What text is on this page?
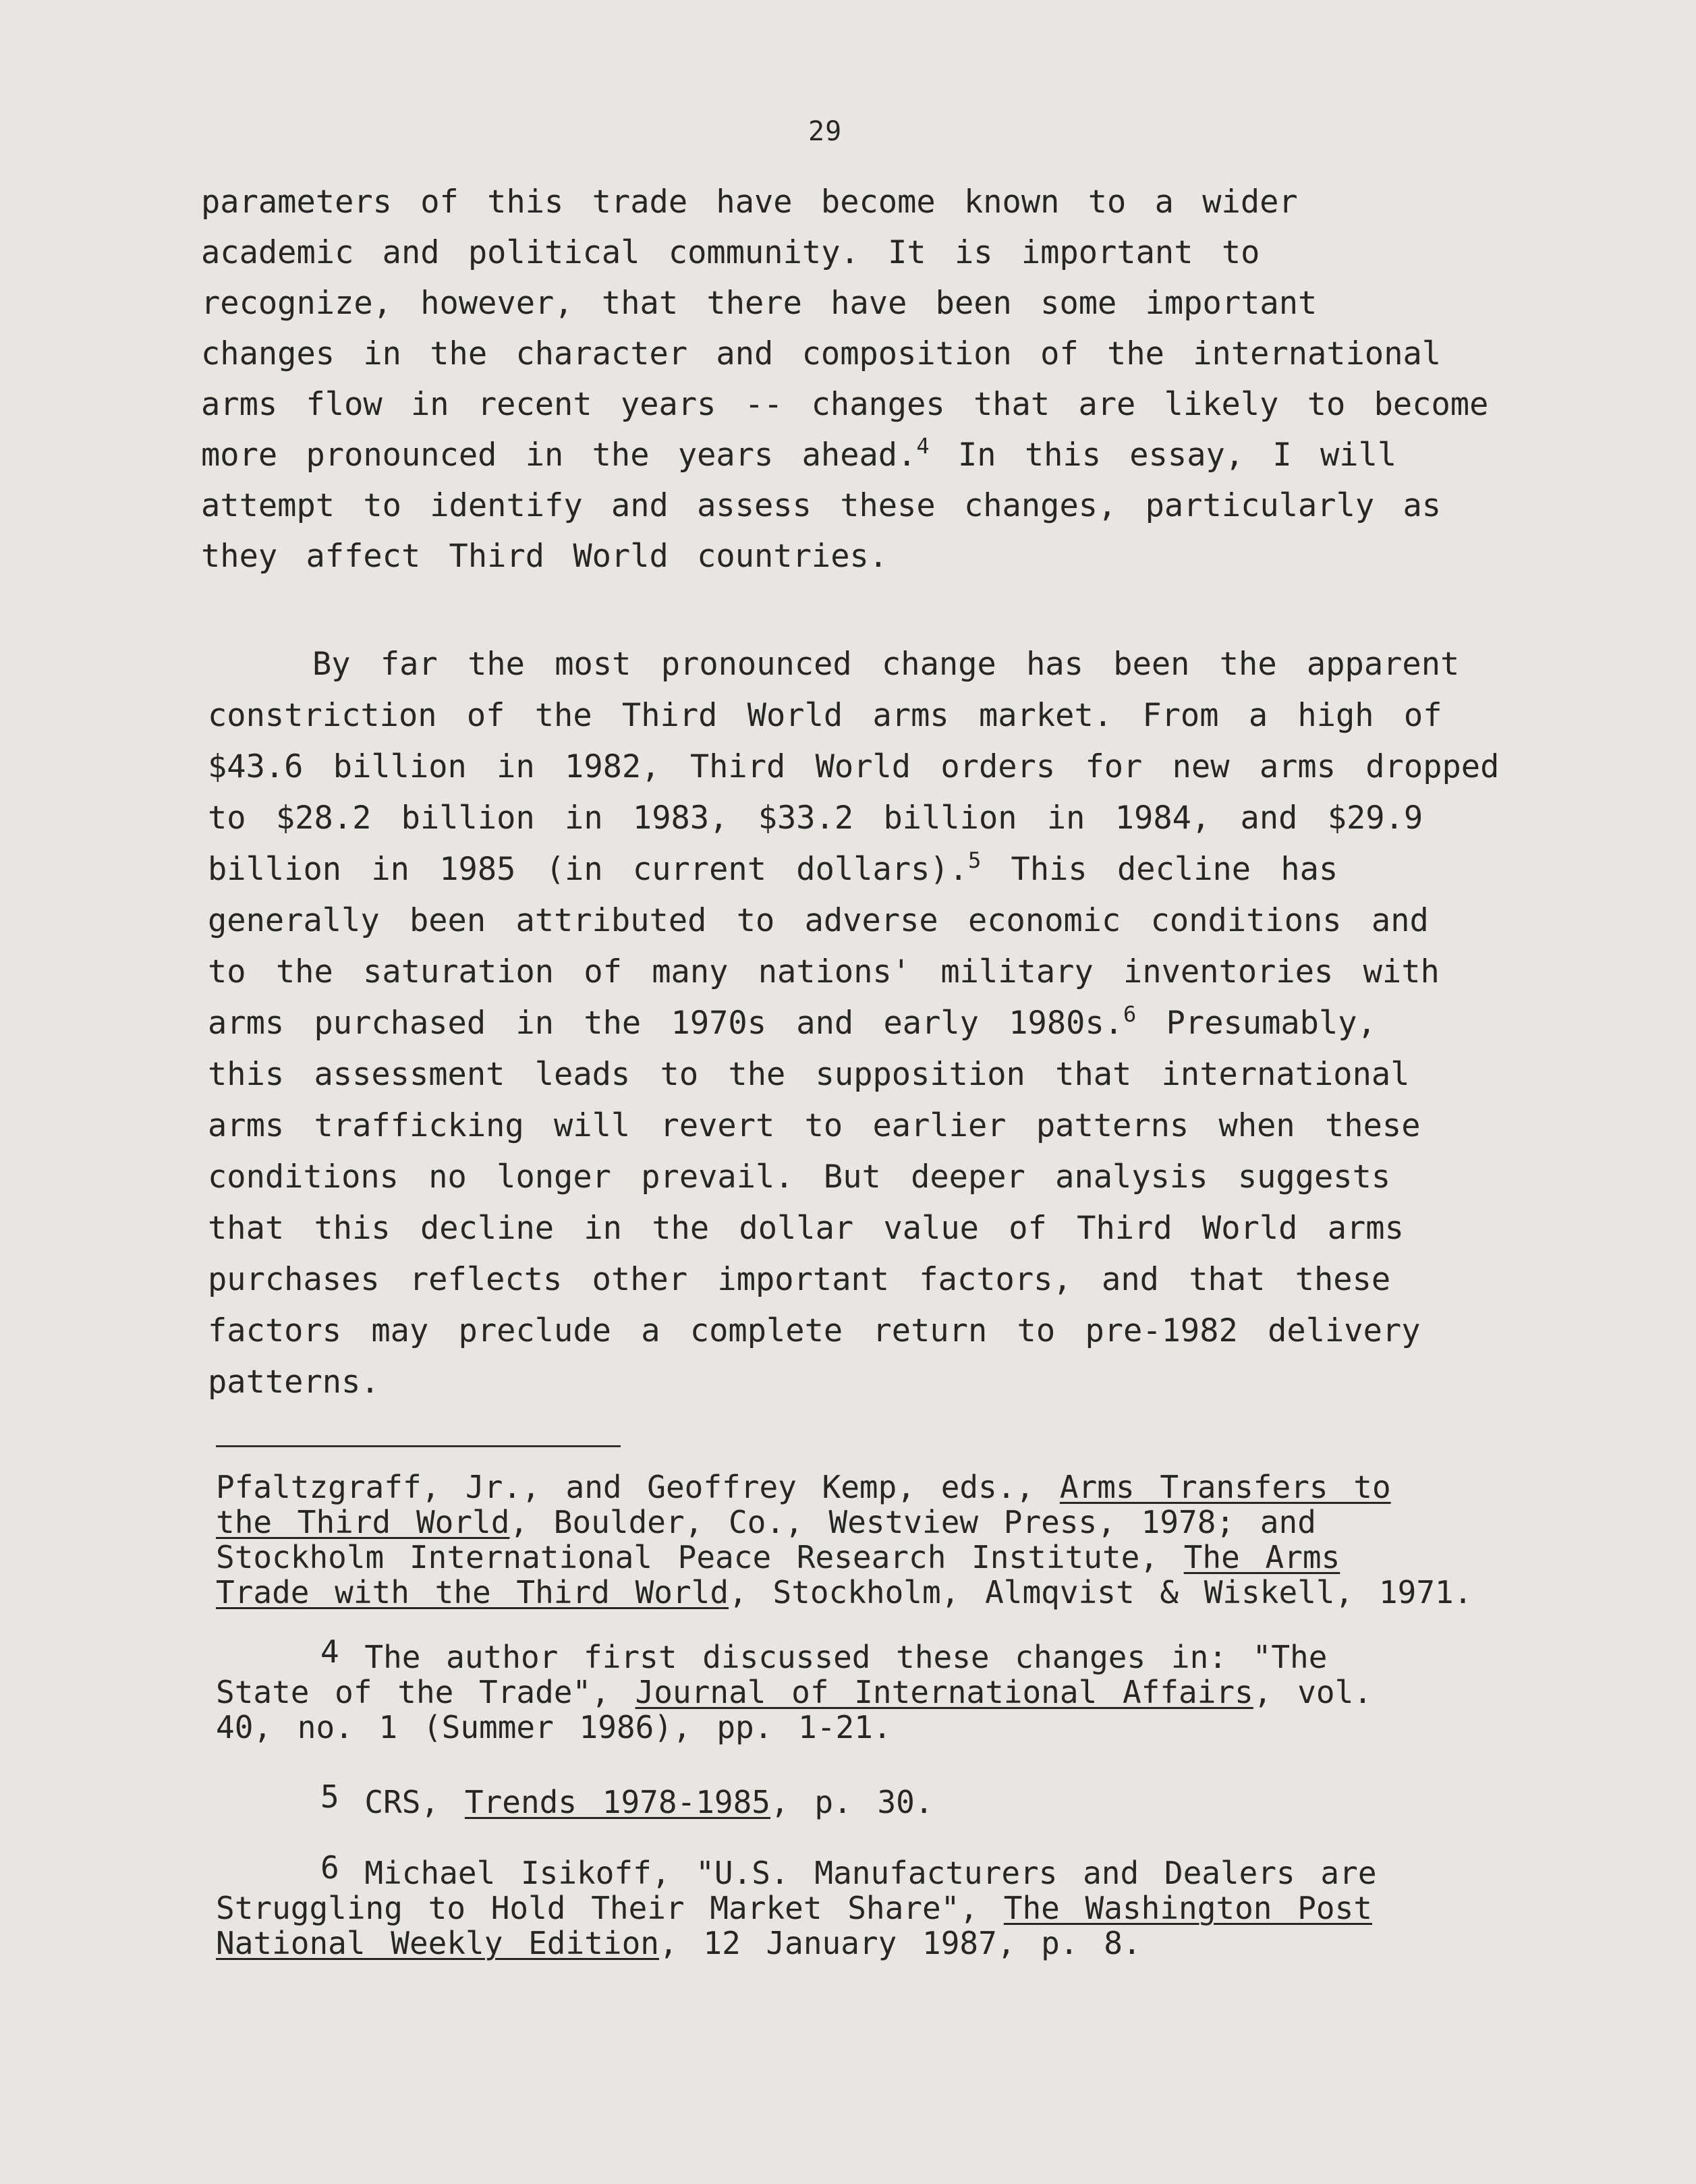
29
parameters of this trade have become known to a wider
academic and political community. It is important to
recognize, however, that there have been some important
changes in the character and composition of the international
arms flow in recent years -- changes that are likely to become
more pronounced in the years ahead.$^4$ In this essay, I will
attempt to identify and assess these changes, particularly as
they affect Third World countries.
By far the most pronounced change has been the apparent
constriction of the Third World arms market. From a high of
$43.6 billion in 1982, Third World orders for new arms dropped
to $28.2 billion in 1983, $33.2 billion in 1984, and $29.9
billion in 1985 (in current dollars).$^5$ This decline has
generally been attributed to adverse economic conditions and
to the saturation of many nations' military inventories with
arms purchased in the 1970s and early 1980s.$^6$ Presumably,
this assessment leads to the supposition that international
arms trafficking will revert to earlier patterns when these
conditions no longer prevail. But deeper analysis suggests
that this decline in the dollar value of Third World arms
purchases reflects other important factors, and that these
factors may preclude a complete return to pre-1982 delivery
patterns.
Pfaltzgraff, Jr., and Geoffrey Kemp, eds., Arms Transfers to
the Third World, Boulder, Co., Westview Press, 1978; and
Stockholm International Peace Research Institute, The Arms
Trade with the Third World, Stockholm, Almqvist & Wiskell, 1971.
4 The author first discussed these changes in: "The
State of the Trade", Journal of International Affairs, vol.
40, no. 1 (Summer 1986), pp. 1-21.
5 CRS, Trends 1978-1985, p. 30.
6 Michael Isikoff, "U.S. Manufacturers and Dealers are
Struggling to Hold Their Market Share", The Washington Post
National Weekly Edition, 12 January 1987, p. 8.
